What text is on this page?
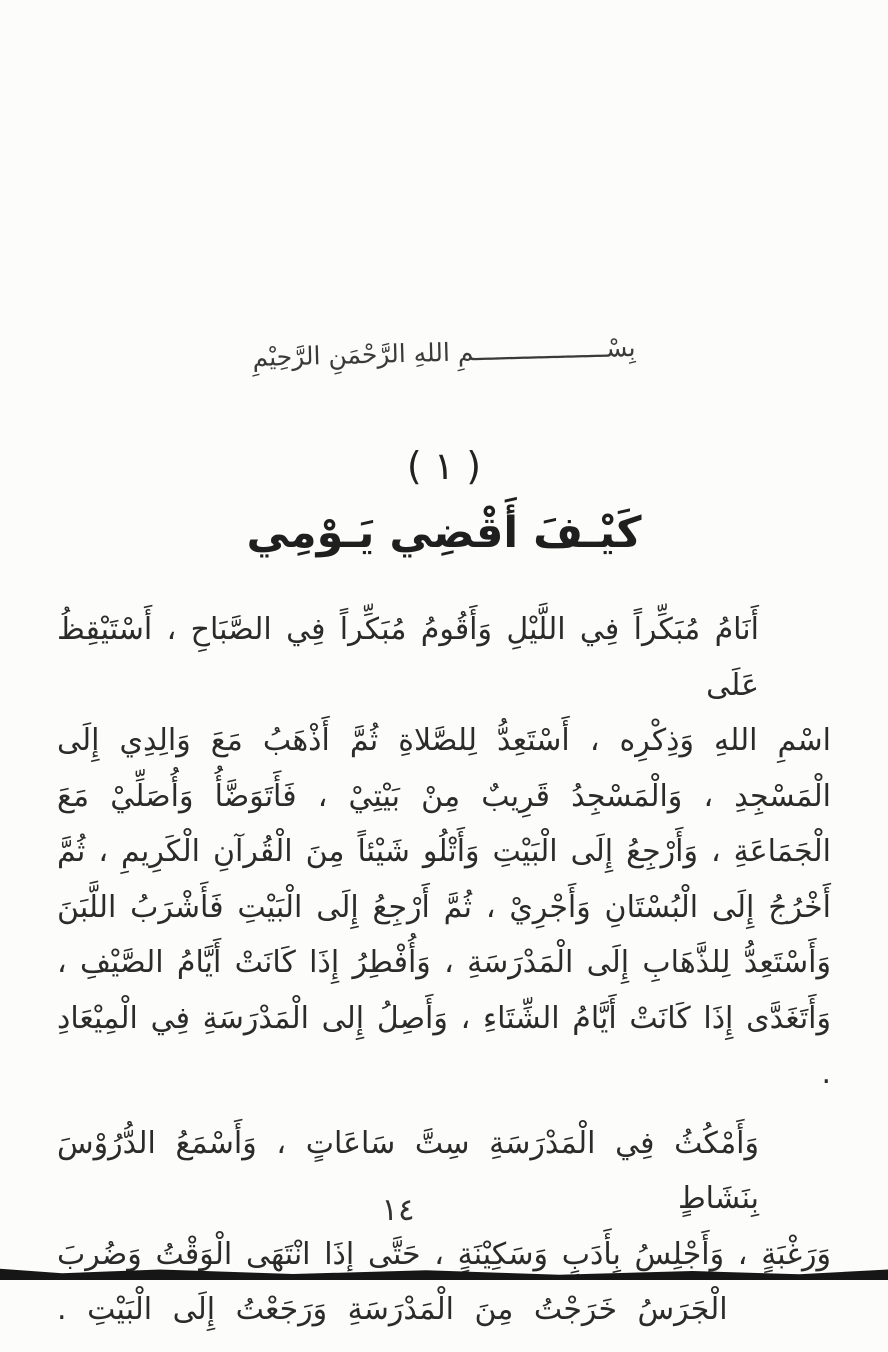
بِسْــــــــــــــــــمِ اللهِ الرَّحْمَنِ الرَّحِيْمِ
( ١ )
كَيْـفَ أَقْضِي يَـوْمِي
أَنَامُ مُبَكِّراً فِي اللَّيْلِ وَأَقُومُ مُبَكِّراً فِي الصَّبَاحِ ، أَسْتَيْقِظُ عَلَى
اسْمِ اللهِ وَذِكْرِه ، أَسْتَعِدُّ لِلصَّلاةِ ثُمَّ أَذْهَبُ مَعَ وَالِدِي إِلَى
الْمَسْجِدِ ، وَالْمَسْجِدُ قَرِيبٌ مِنْ بَيْتِيْ ، فَأَتَوَضَّأُ وَأُصَلِّيْ مَعَ
الْجَمَاعَةِ ، وَأَرْجِعُ إِلَى الْبَيْتِ وَأَتْلُو شَيْئاً مِنَ الْقُرآنِ الْكَرِيمِ ، ثُمَّ
أَخْرُجُ إِلَى الْبُسْتَانِ وَأَجْرِيْ ، ثُمَّ أَرْجِعُ إِلَى الْبَيْتِ فَأَشْرَبُ اللَّبَنَ
وَأَسْتَعِدُّ لِلذَّهَابِ إِلَى الْمَدْرَسَةِ ، وَأُفْطِرُ إِذَا كَانَتْ أَيَّامُ الصَّيْفِ ،
وَأَتَغَدَّى إِذَا كَانَتْ أَيَّامُ الشِّتَاءِ ، وَأَصِلُ إِلى الْمَدْرَسَةِ فِي الْمِيْعَادِ .
وَأَمْكُثُ فِي الْمَدْرَسَةِ سِتَّ سَاعَاتٍ ، وَأَسْمَعُ الدُّرُوْسَ بِنَشَاطٍ
وَرَغْبَةٍ ، وَأَجْلِسُ بِأَدَبٍ وَسَكِيْنَةٍ ، حَتَّى إِذَا انْتَهَى الْوَقْتُ وَضُرِبَ
الْجَرَسُ خَرَجْتُ مِنَ الْمَدْرَسَةِ وَرَجَعْتُ إِلَى الْبَيْتِ .
١٤
